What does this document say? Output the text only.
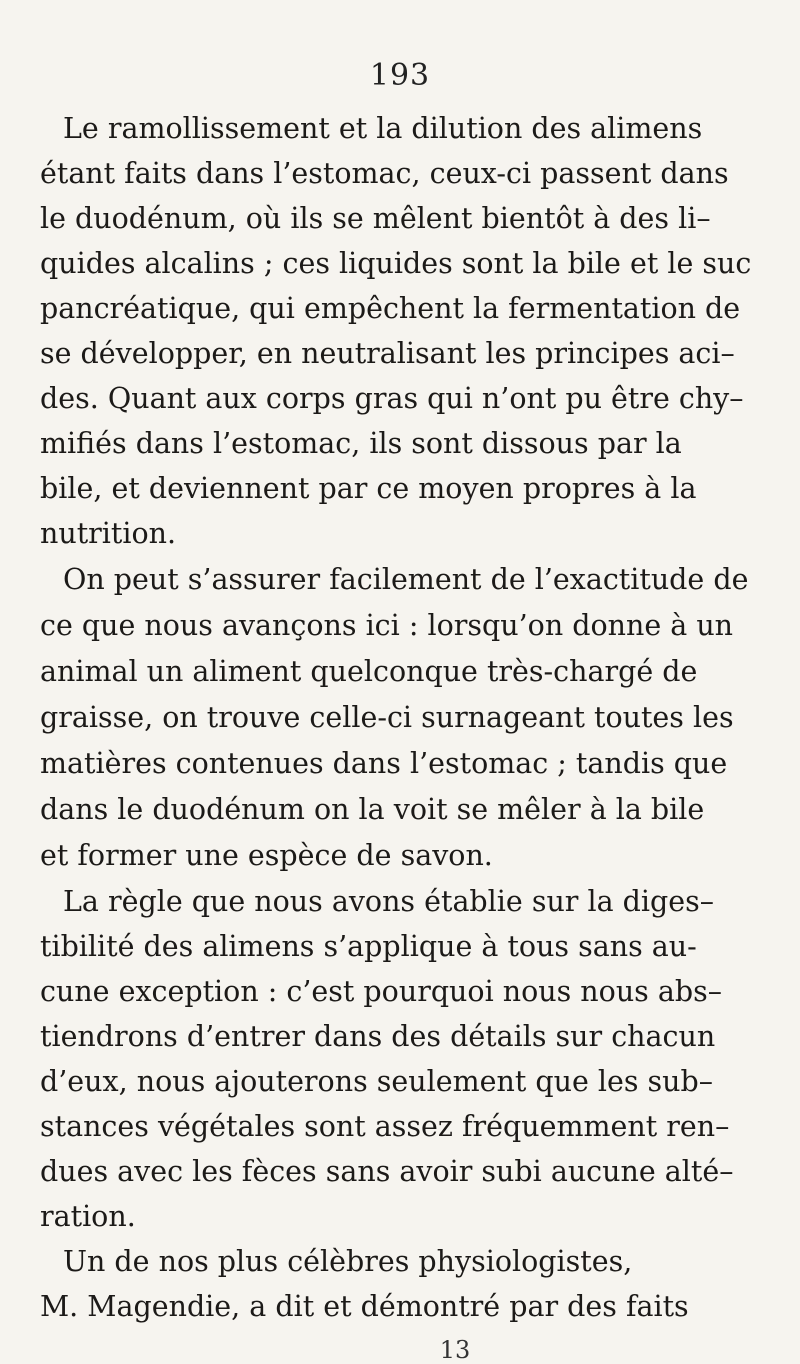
193
Le ramollissement et la dilution des alimens
étant faits dans l’estomac, ceux-ci passent dans
le duodénum, où ils se mêlent bientôt à des li–
quides alcalins ; ces liquides sont la bile et le suc
pancréatique, qui empêchent la fermentation de
se développer, en neutralisant les principes aci–
des. Quant aux corps gras qui n’ont pu être chy–
mifiés dans l’estomac, ils sont dissous par la
bile, et deviennent par ce moyen propres à la
nutrition.
On peut s’assurer facilement de l’exactitude de
ce que nous avançons ici : lorsqu’on donne à un
animal un aliment quelconque très-chargé de
graisse, on trouve celle-ci surnageant toutes les
matières contenues dans l’estomac ; tandis que
dans le duodénum on la voit se mêler à la bile
et former une espèce de savon.
La règle que nous avons établie sur la diges–
tibilité des alimens s’applique à tous sans au-
cune exception : c’est pourquoi nous nous abs–
tiendrons d’entrer dans des détails sur chacun
d’eux, nous ajouterons seulement que les sub–
stances végétales sont assez fréquemment ren–
dues avec les fèces sans avoir subi aucune alté–
ration.
Un de nos plus célèbres physiologistes,
M. Magendie, a dit et démontré par des faits
13
